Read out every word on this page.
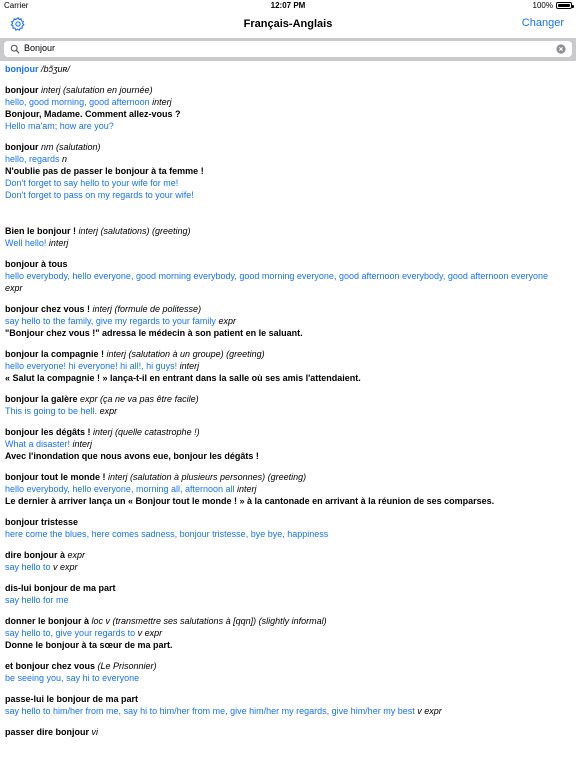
Carrier	12:07 PM	100%
Français-Anglais	Changer
Bonjour
bonjour /bɔ̃ʒuʀ/
bonjour interj (salutation en journée)
hello, good morning, good afternoon interj
Bonjour, Madame. Comment allez-vous ?
Hello ma'am; how are you?
bonjour nm (salutation)
hello, regards n
N'oublie pas de passer le bonjour à ta femme !
Don't forget to say hello to your wife for me!
Don't forget to pass on my regards to your wife!
Bien le bonjour ! interj (salutations) (greeting)
Well hello! interj
bonjour à tous
hello everybody, hello everyone, good morning everybody, good morning everyone, good afternoon everybody, good afternoon everyone
expr
bonjour chez vous ! interj (formule de politesse)
say hello to the family, give my regards to your family expr
"Bonjour chez vous !" adressa le médecin à son patient en le saluant.
bonjour la compagnie ! interj (salutation à un groupe) (greeting)
hello everyone! hi everyone! hi all!, hi guys! interj
« Salut la compagnie ! » lança-t-il en entrant dans la salle où ses amis l'attendaient.
bonjour la galère expr (ça ne va pas être facile)
This is going to be hell. expr
bonjour les dégâts ! interj (quelle catastrophe !)
What a disaster! interj
Avec l'inondation que nous avons eue, bonjour les dégâts !
bonjour tout le monde ! interj (salutation à plusieurs personnes) (greeting)
hello everybody, hello everyone, morning all, afternoon all interj
Le dernier à arriver lança un « Bonjour tout le monde ! » à la cantonade en arrivant à la réunion de ses comparses.
bonjour tristesse
here come the blues, here comes sadness, bonjour tristesse, bye bye, happiness
dire bonjour à expr
say hello to v expr
dis-lui bonjour de ma part
say hello for me
donner le bonjour à loc v (transmettre ses salutations à [qqn]) (slightly informal)
say hello to, give your regards to v expr
Donne le bonjour à ta sœur de ma part.
et bonjour chez vous (Le Prisonnier)
be seeing you, say hi to everyone
passe-lui le bonjour de ma part
say hello to him/her from me, say hi to him/her from me, give him/her my regards, give him/her my best v expr
passer dire bonjour vi
